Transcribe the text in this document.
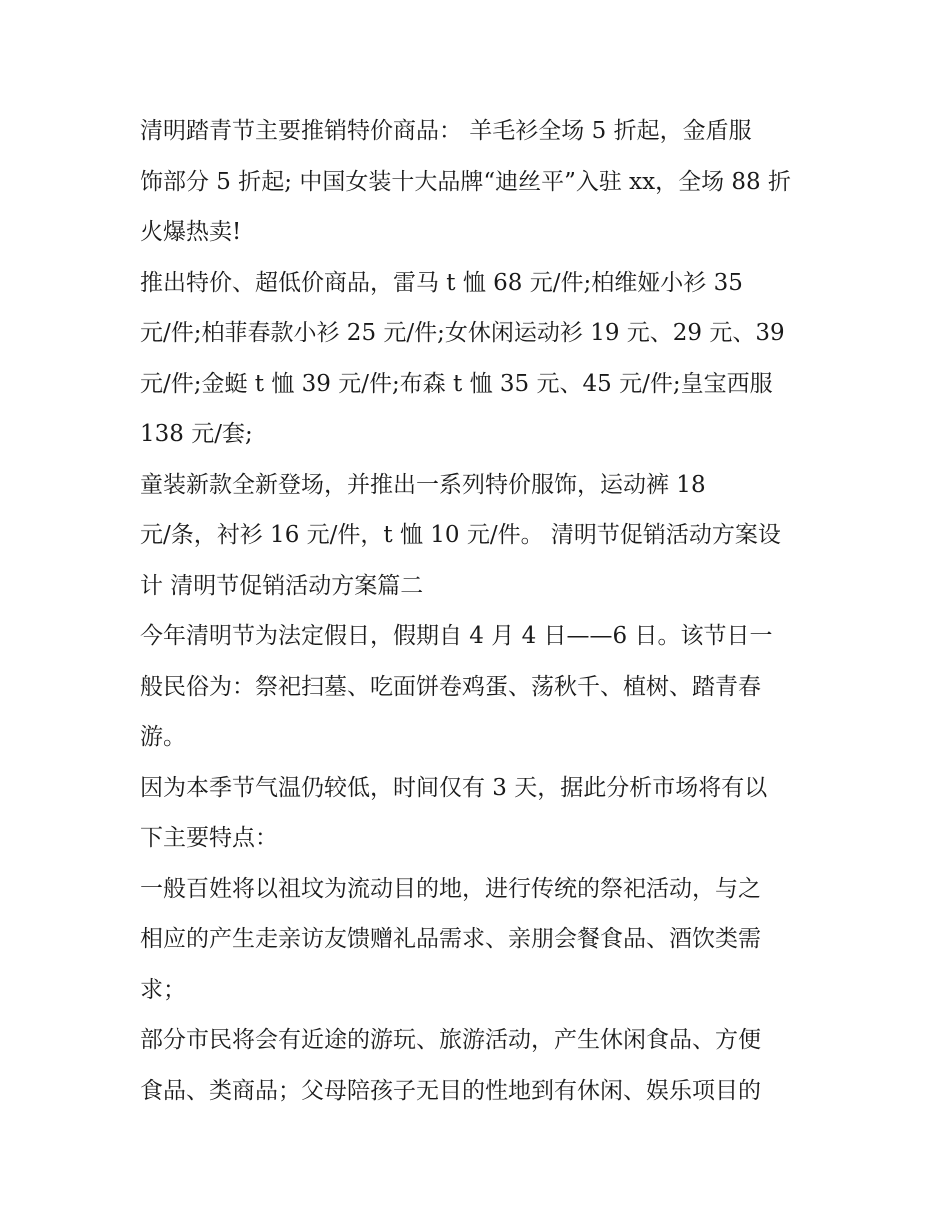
清明踏青节主要推销特价商品： 羊毛衫全场 5 折起，金盾服
饰部分 5 折起; 中国女装十大品牌“迪丝平”入驻 xx，全场 88 折
火爆热卖!
推出特价、超低价商品，雷马 t 恤 68 元/件;柏维娅小衫 35
元/件;柏菲春款小衫 25 元/件;女休闲运动衫 19 元、29 元、39
元/件;金蜓 t 恤 39 元/件;布森 t 恤 35 元、45 元/件;皇宝西服
138 元/套;
童装新款全新登场，并推出一系列特价服饰，运动裤 18
元/条，衬衫 16 元/件，t 恤 10 元/件。 清明节促销活动方案设
计 清明节促销活动方案篇二
今年清明节为法定假日，假期自 4 月 4 日——6 日。该节日一
般民俗为：祭祀扫墓、吃面饼卷鸡蛋、荡秋千、植树、踏青春
游。
因为本季节气温仍较低，时间仅有 3 天，据此分析市场将有以
下主要特点：
一般百姓将以祖坟为流动目的地，进行传统的祭祀活动，与之
相应的产生走亲访友馈赠礼品需求、亲朋会餐食品、酒饮类需
求；
部分市民将会有近途的游玩、旅游活动，产生休闲食品、方便
食品、类商品；父母陪孩子无目的性地到有休闲、娱乐项目的
